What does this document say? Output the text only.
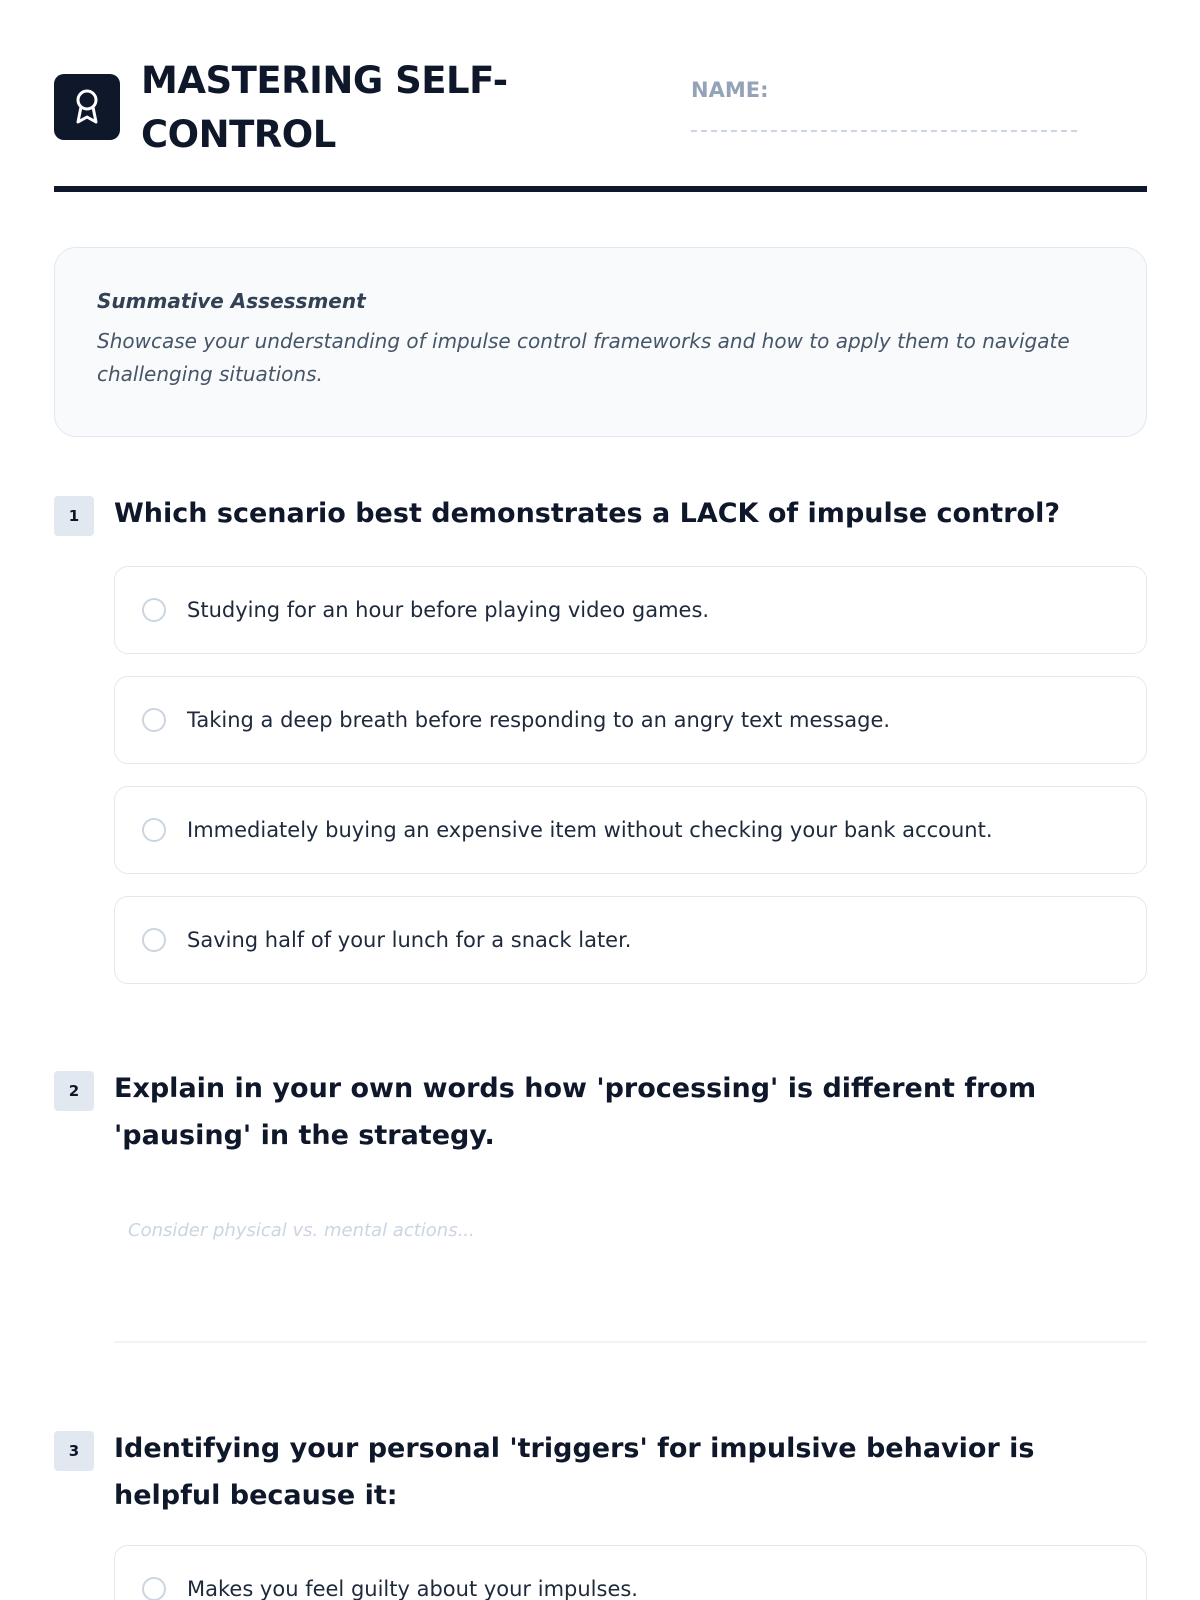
MASTERING SELF-CONTROL
NAME:

Summative Assessment

Showcase your understanding of impulse control frameworks and how to apply them to navigate challenging situations.

1	Which scenario best demonstrates a LACK of impulse control?
Studying for an hour before playing video games.
Taking a deep breath before responding to an angry text message.
Immediately buying an expensive item without checking your bank account.
Saving half of your lunch for a snack later.
2	Explain in your own words how 'processing' is different from 'pausing' in the strategy.
Consider physical vs. mental actions...
3	Identifying your personal 'triggers' for impulsive behavior is helpful because it:
Makes you feel guilty about your impulses.
